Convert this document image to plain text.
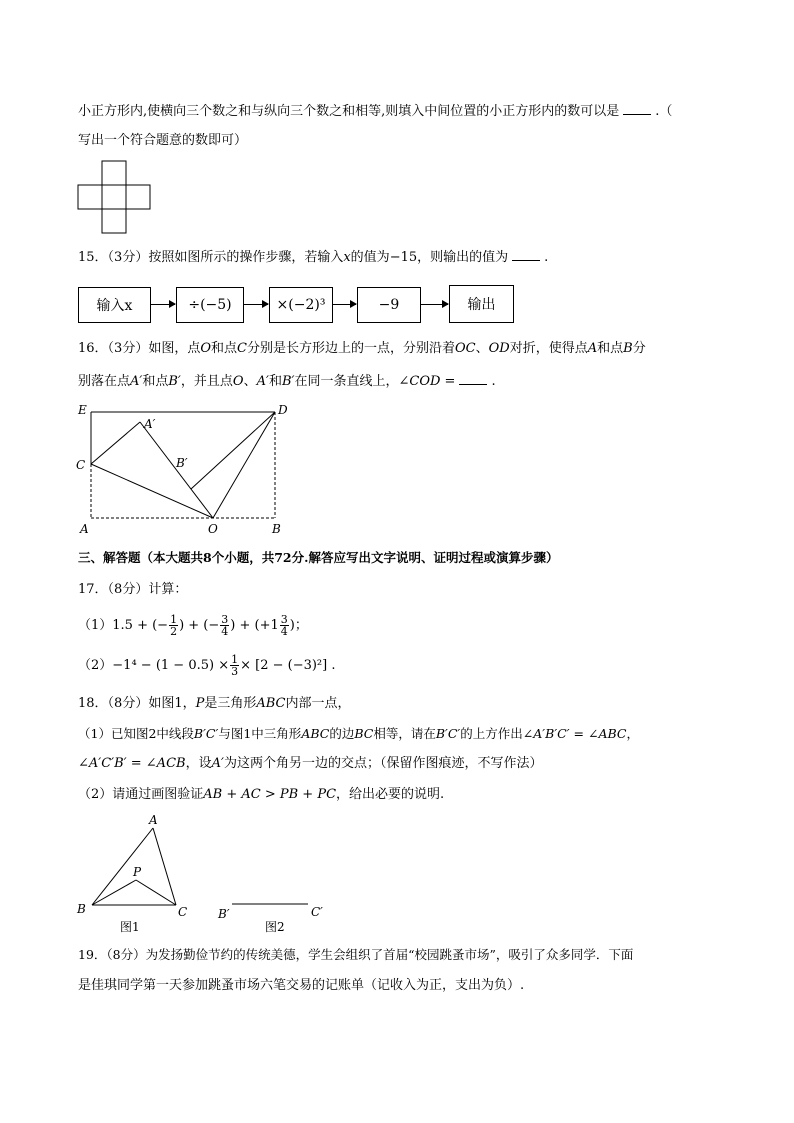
小正方形内,使横向三个数之和与纵向三个数之和相等,则填入中间位置的小正方形内的数可以是	.（
写出一个符合题意的数即可）
15．（3分）按照如图所示的操作步骤，若输入x的值为−15，则输出的值为	.
输入x	÷(−5)	×(−2)³	−9	输出
16．（3分）如图，点O和点C分别是长方形边上的一点，分别沿着OC、OD对折，使得点A和点B分
别落在点A′和点B′，并且点O、A′和B′在同一条直线上，∠COD =	.
E	D
A′
B′
C
A	O	B
三、解答题（本大题共8个小题，共72分.解答应写出文字说明、证明过程或演算步骤）
17．（8分）计算：
（1）1.5 + (− $\frac{1}{2}$ ) + (− $\frac{3}{4}$ ) + ($+1 \frac{3}{4}$ )；
$(2)-1^4 - (1 - 0.5) \times \frac{1}{3} \times [2 - (-3)^2]$ .
18．（8分）如图1，P是三角形ABC内部一点，
（1）已知图2中线段B′C′与图1中三角形ABC的边BC相等，请在B′C′的上方作出∠A′B′C′ = ∠ABC，
∠A′C′B′ = ∠ACB，设A′为这两个角另一边的交点；（保留作图痕迹，不写作法）
（2）请通过画图验证AB + AC > PB + PC，给出必要的说明.
A
P
B	C	B′	C′
图1	图2
19．（8分）为发扬勤俭节约的传统美德，学生会组织了首届“校园跳蚤市场”，吸引了众多同学．下面
是佳琪同学第一天参加跳蚤市场六笔交易的记账单（记收入为正，支出为负）.
